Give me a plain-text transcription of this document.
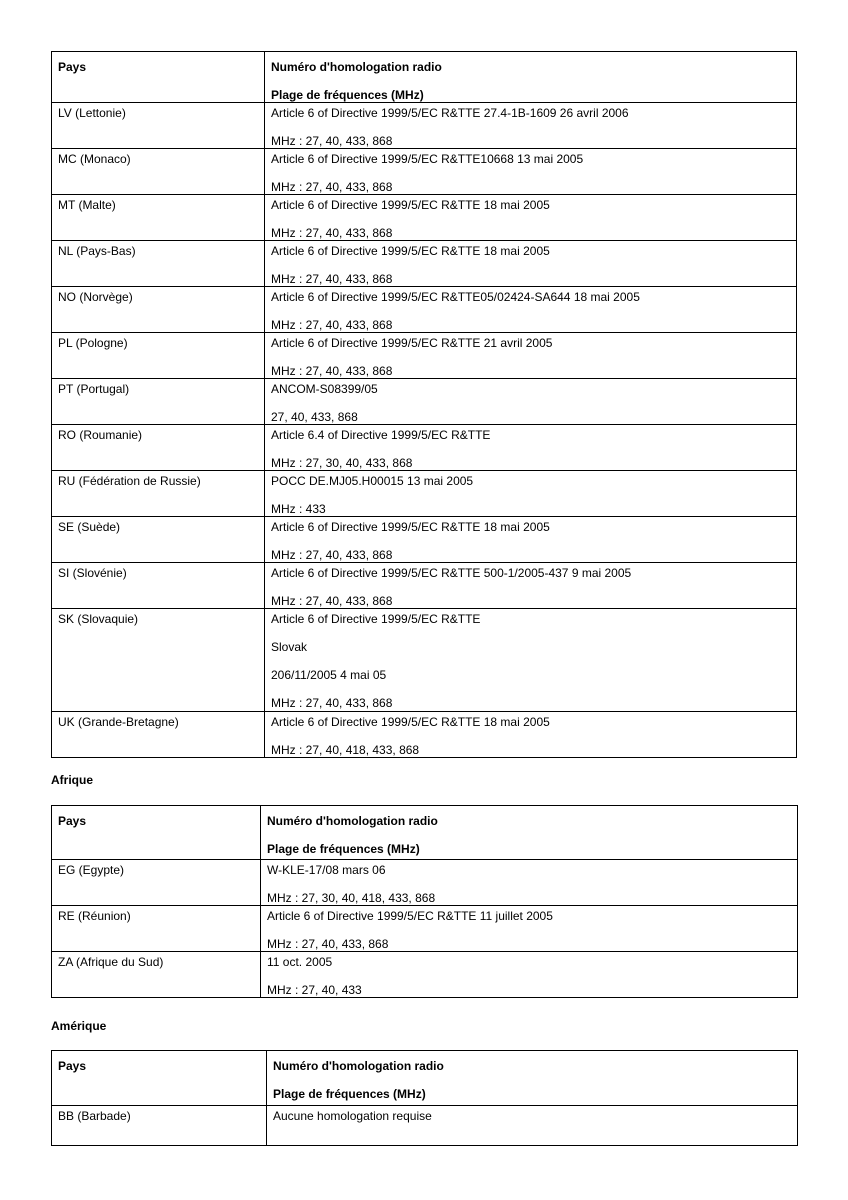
Pays	Numéro d'homologation radio

Plage de fréquences (MHz)

LV (Lettonie)	Article 6 of Directive 1999/5/EC R&TTE 27.4-1B-1609 26 avril 2006

MHz : 27, 40, 433, 868

MC (Monaco)	Article 6 of Directive 1999/5/EC R&TTE10668 13 mai 2005

MHz : 27, 40, 433, 868

MT (Malte)	Article 6 of Directive 1999/5/EC R&TTE 18 mai 2005

MHz : 27, 40, 433, 868

NL (Pays-Bas)	Article 6 of Directive 1999/5/EC R&TTE 18 mai 2005

MHz : 27, 40, 433, 868

NO (Norvège)	Article 6 of Directive 1999/5/EC R&TTE05/02424-SA644 18 mai 2005

MHz : 27, 40, 433, 868

PL (Pologne)	Article 6 of Directive 1999/5/EC R&TTE 21 avril 2005

MHz : 27, 40, 433, 868

PT (Portugal)	ANCOM-S08399/05

27, 40, 433, 868

RO (Roumanie)	Article 6.4 of Directive 1999/5/EC R&TTE

MHz : 27, 30, 40, 433, 868

RU (Fédération de Russie)	POCC DE.MJ05.H00015 13 mai 2005

MHz : 433

SE (Suède)	Article 6 of Directive 1999/5/EC R&TTE 18 mai 2005

MHz : 27, 40, 433, 868

SI (Slovénie)	Article 6 of Directive 1999/5/EC R&TTE 500-1/2005-437 9 mai 2005

MHz : 27, 40, 433, 868

SK (Slovaquie)	Article 6 of Directive 1999/5/EC R&TTE

Slovak

206/11/2005 4 mai 05

MHz : 27, 40, 433, 868

UK (Grande-Bretagne)	Article 6 of Directive 1999/5/EC R&TTE 18 mai 2005

MHz : 27, 40, 418, 433, 868

Afrique

Pays	Numéro d'homologation radio

Plage de fréquences (MHz)

EG (Egypte)	W-KLE-17/08 mars 06

MHz : 27, 30, 40, 418, 433, 868

RE (Réunion)	Article 6 of Directive 1999/5/EC R&TTE 11 juillet 2005

MHz : 27, 40, 433, 868

ZA (Afrique du Sud)	11 oct. 2005

MHz : 27, 40, 433

Amérique

Pays	Numéro d'homologation radio

Plage de fréquences (MHz)

BB (Barbade)	Aucune homologation requise
